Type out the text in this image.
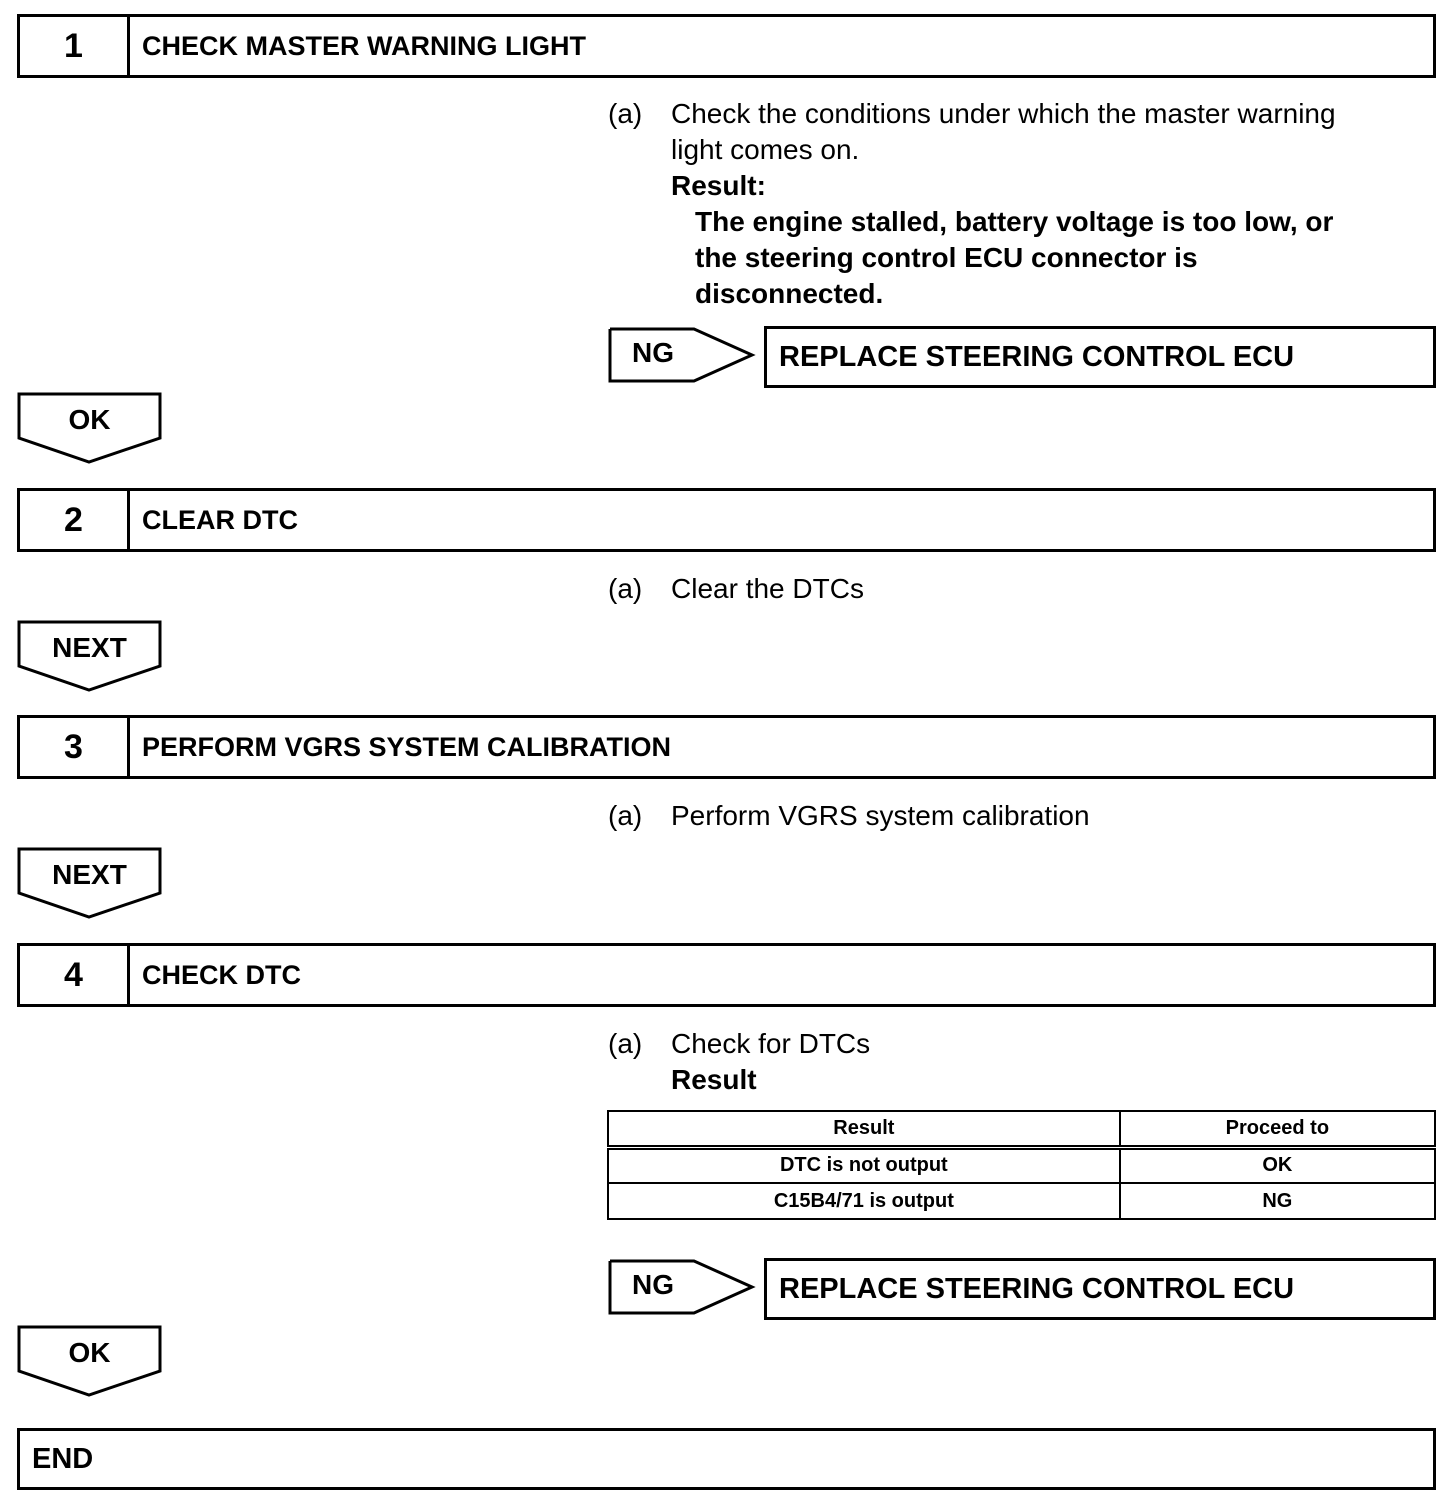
1	CHECK MASTER WARNING LIGHT
(a) Check the conditions under which the master warning
light comes on.
Result:
The engine stalled, battery voltage is too low, or
the steering control ECU connector is
disconnected.
NG	REPLACE STEERING CONTROL ECU
OK
2	CLEAR DTC
(a) Clear the DTCs
NEXT
3	PERFORM VGRS SYSTEM CALIBRATION
(a) Perform VGRS system calibration
NEXT
4	CHECK DTC
(a) Check for DTCs
Result
Result	Proceed to
DTC is not output	OK
C15B4/71 is output	NG
NG	REPLACE STEERING CONTROL ECU
OK
END
